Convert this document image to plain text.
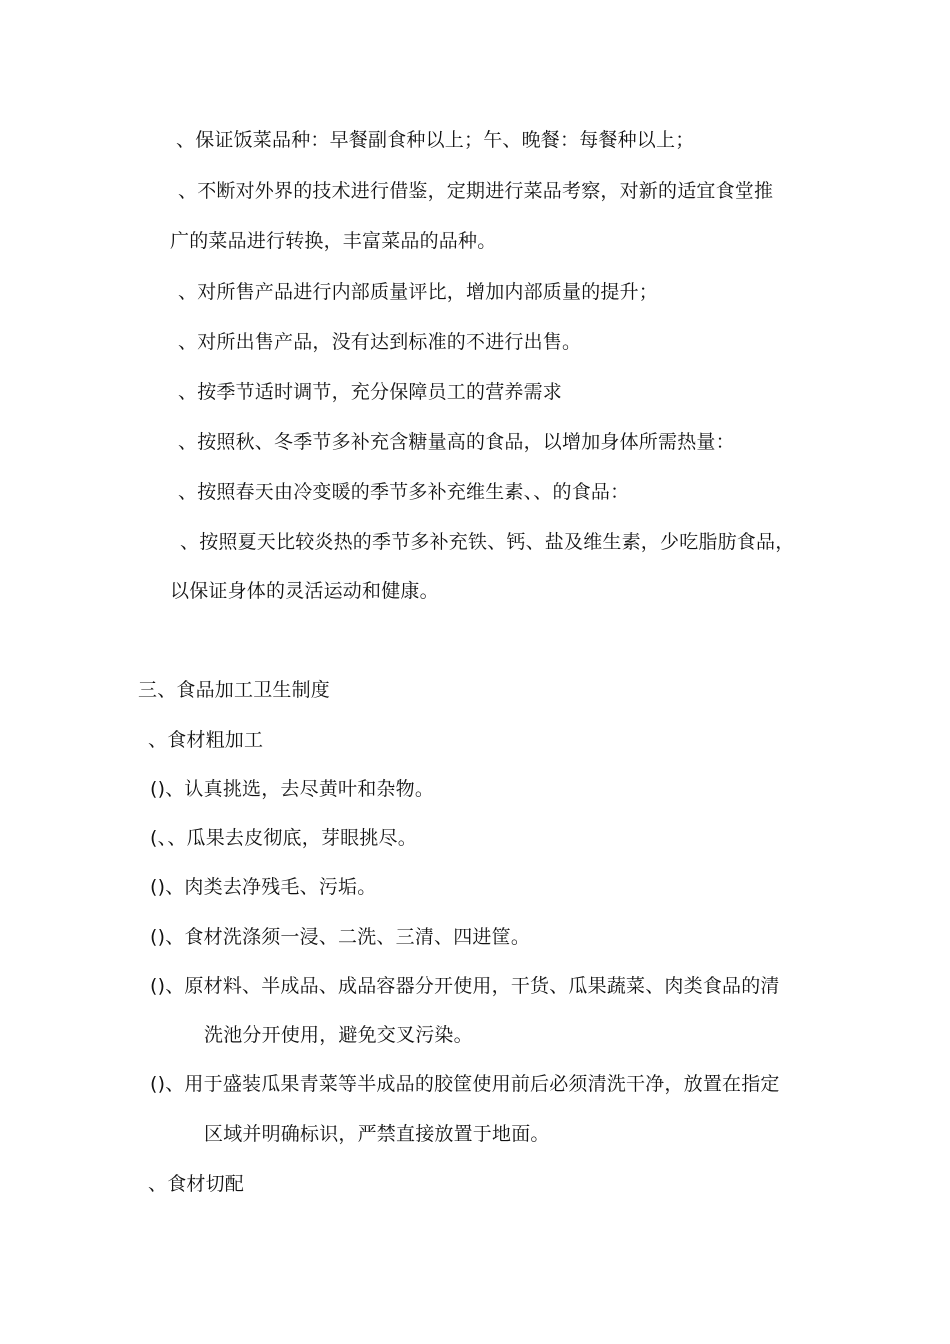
、保证饭菜品种：早餐副食种以上；午、晚餐：每餐种以上；
、不断对外界的技术进行借鉴，定期进行菜品考察，对新的适宜食堂推
广的菜品进行转换，丰富菜品的品种。
、对所售产品进行内部质量评比，增加内部质量的提升；
、对所出售产品，没有达到标准的不进行出售。
、按季节适时调节，充分保障员工的营养需求
、按照秋、冬季节多补充含糖量高的食品，以增加身体所需热量：
、按照春天由冷变暖的季节多补充维生素、、的食品：
、按照夏天比较炎热的季节多补充铁、钙、盐及维生素，少吃脂肪食品，
以保证身体的灵活运动和健康。
三、食品加工卫生制度
、食材粗加工
()、认真挑选，去尽黄叶和杂物。
(、、瓜果去皮彻底，芽眼挑尽。
()、肉类去净残毛、污垢。
()、食材洗涤须一浸、二洗、三清、四进筐。
()、原材料、半成品、成品容器分开使用，干货、瓜果蔬菜、肉类食品的清
洗池分开使用，避免交叉污染。
()、用于盛装瓜果青菜等半成品的胶筐使用前后必须清洗干净，放置在指定
区域并明确标识，严禁直接放置于地面。
、食材切配
